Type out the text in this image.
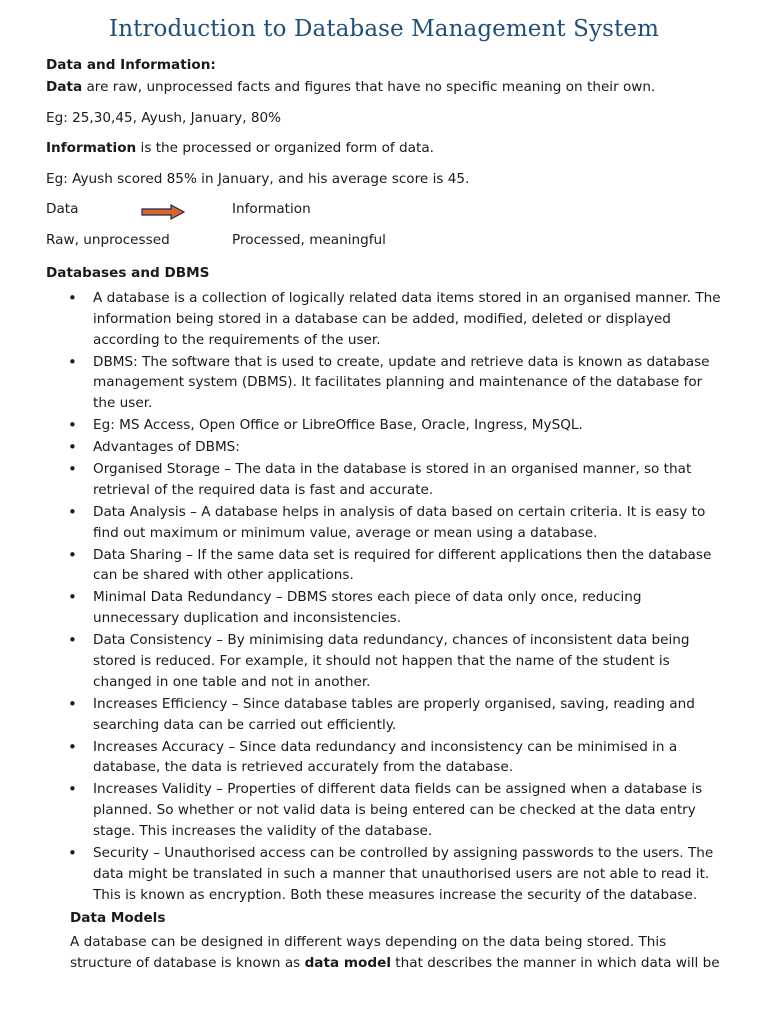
Introduction to Database Management System
Data and Information:
Data are raw, unprocessed facts and figures that have no specific meaning on their own.
Eg: 25,30,45, Ayush, January, 80%
Information is the processed or organized form of data.
Eg: Ayush scored 85% in January, and his average score is 45.
Data	Information
Raw, unprocessed	Processed, meaningful
Databases and DBMS
• A database is a collection of logically related data items stored in an organised manner. The information being stored in a database can be added, modified, deleted or displayed according to the requirements of the user.
• DBMS: The software that is used to create, update and retrieve data is known as database management system (DBMS). It facilitates planning and maintenance of the database for the user.
• Eg: MS Access, Open Office or LibreOffice Base, Oracle, Ingress, MySQL.
• Advantages of DBMS:
• Organised Storage – The data in the database is stored in an organised manner, so that retrieval of the required data is fast and accurate.
• Data Analysis – A database helps in analysis of data based on certain criteria. It is easy to find out maximum or minimum value, average or mean using a database.
• Data Sharing – If the same data set is required for different applications then the database can be shared with other applications.
• Minimal Data Redundancy – DBMS stores each piece of data only once, reducing unnecessary duplication and inconsistencies.
• Data Consistency – By minimising data redundancy, chances of inconsistent data being stored is reduced. For example, it should not happen that the name of the student is changed in one table and not in another.
• Increases Efficiency – Since database tables are properly organised, saving, reading and searching data can be carried out efficiently.
• Increases Accuracy – Since data redundancy and inconsistency can be minimised in a database, the data is retrieved accurately from the database.
• Increases Validity – Properties of different data fields can be assigned when a database is planned. So whether or not valid data is being entered can be checked at the data entry stage. This increases the validity of the database.
• Security – Unauthorised access can be controlled by assigning passwords to the users. The data might be translated in such a manner that unauthorised users are not able to read it. This is known as encryption. Both these measures increase the security of the database.
Data Models
A database can be designed in different ways depending on the data being stored. This structure of database is known as data model that describes the manner in which data will be
